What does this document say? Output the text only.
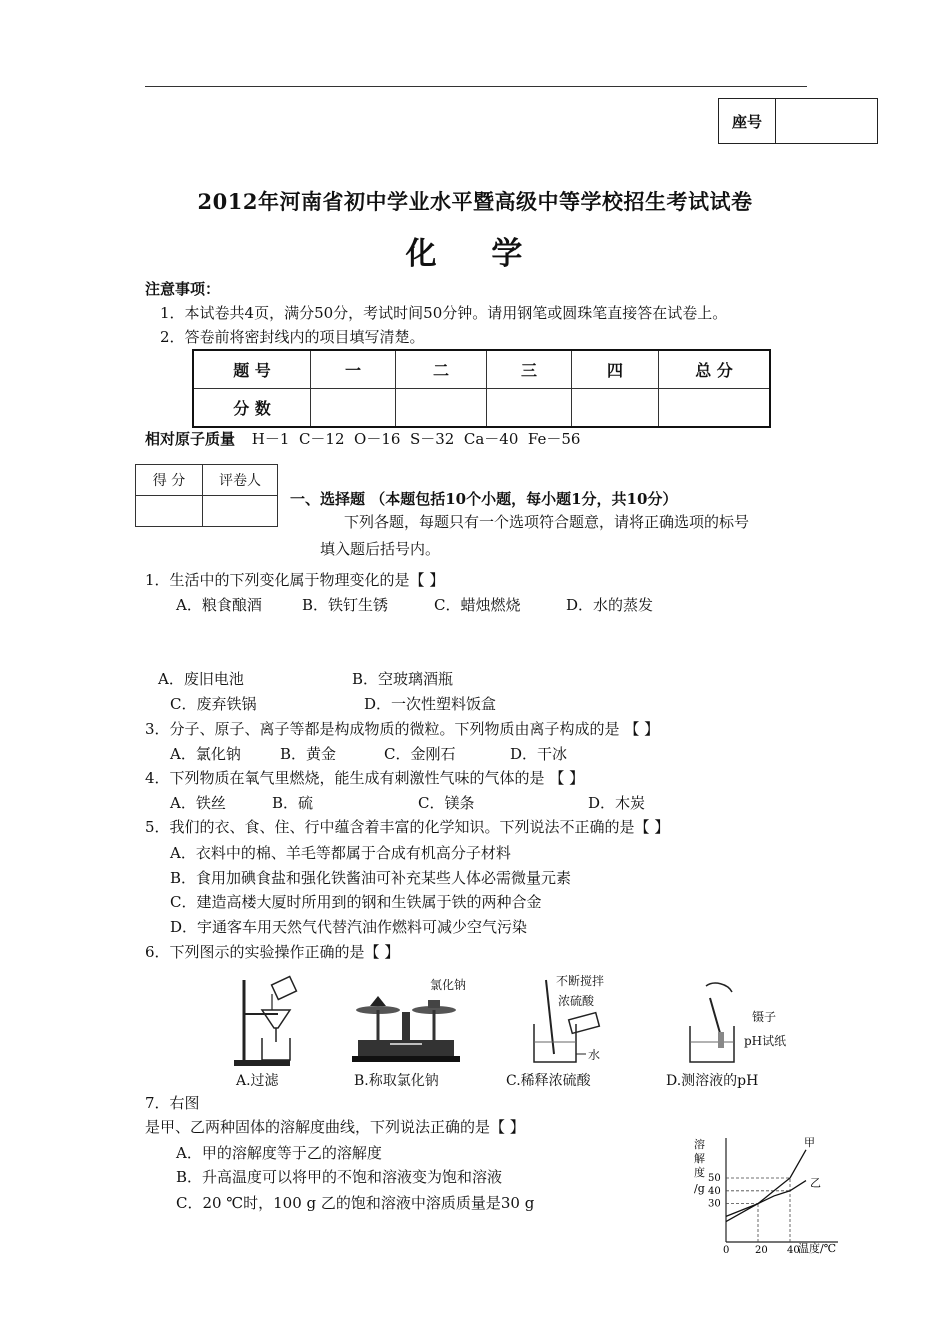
座号
2012年河南省初中学业水平暨高级中等学校招生考试试卷
化 学
注意事项：
1．本试卷共4页，满分50分，考试时间50分钟。请用钢笔或圆珠笔直接答在试卷上。
2．答卷前将密封线内的项目填写清楚。
题 号	一	二	三	四	总 分
分 数					
相对原子质量 H－1  C－12  O－16  S－32  Ca－40  Fe－56
得 分	评卷人

一、选择题 （本题包括10个小题，每小题1分，共10分）
下列各题，每题只有一个选项符合题意，请将正确选项的标号
填入题后括号内。
1．生活中的下列变化属于物理变化的是【 】
A．粮食酿酒	B．铁钉生锈	C．蜡烛燃烧	D．水的蒸发
A．废旧电池	B．空玻璃酒瓶
C．废弃铁锅	D．一次性塑料饭盒
3．分子、原子、离子等都是构成物质的微粒。下列物质由离子构成的是 【 】
A．氯化钠	B．黄金	C．金刚石	D．干冰
4．下列物质在氧气里燃烧，能生成有刺激性气味的气体的是 【 】
A．铁丝	B．硫	C．镁条	D．木炭
5．我们的衣、食、住、行中蕴含着丰富的化学知识。下列说法不正确的是【 】
A．衣料中的棉、羊毛等都属于合成有机高分子材料
B．食用加碘食盐和强化铁酱油可补充某些人体必需微量元素
C．建造高楼大厦时所用到的钢和生铁属于铁的两种合金
D．宇通客车用天然气代替汽油作燃料可减少空气污染
6．下列图示的实验操作正确的是【 】
A.过滤
氯化钠
B.称取氯化钠
不断搅拌
浓硫酸
水
C.稀释浓硫酸
镊子
pH试纸
D.测溶液的pH
7．右图
是甲、乙两种固体的溶解度曲线，下列说法正确的是【 】
A．甲的溶解度等于乙的溶解度
B．升高温度可以将甲的不饱和溶液变为饱和溶液
C．20 ℃时，100 g 乙的饱和溶液中溶质质量是30 g
溶
解
度
/g
0	20 40
30
40
50
甲
乙
温度/℃
